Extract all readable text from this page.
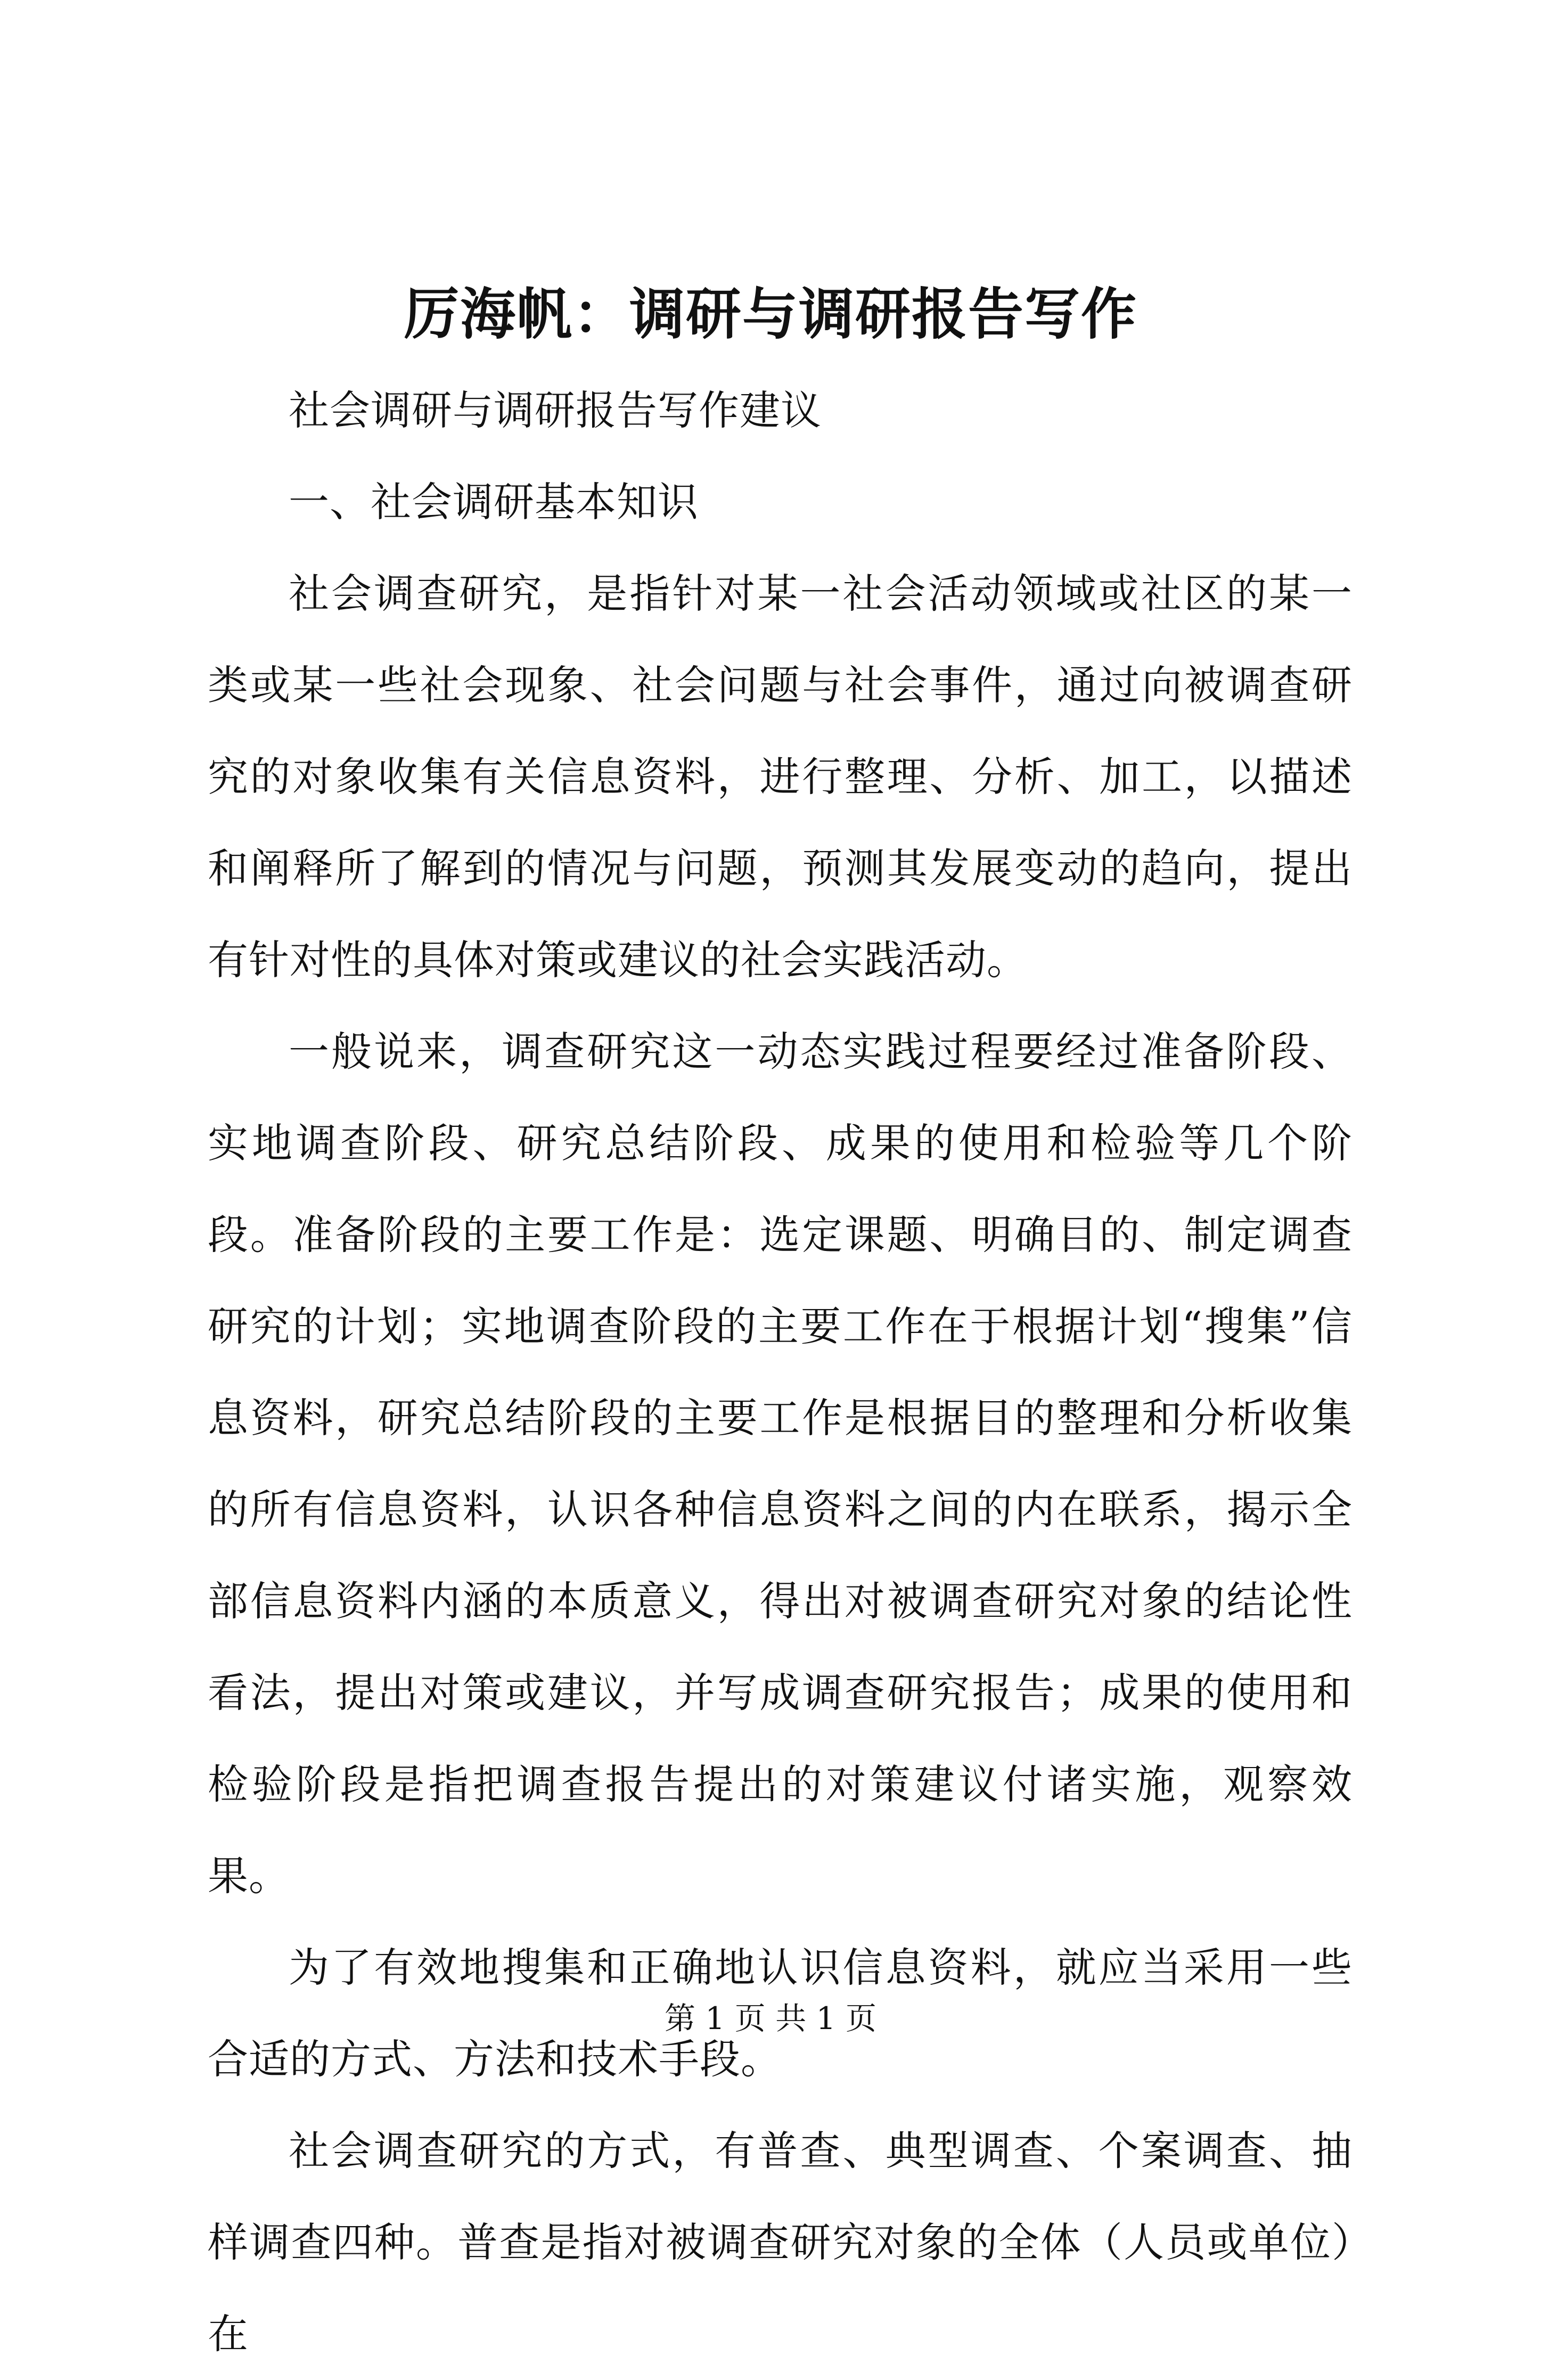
厉海帆：调研与调研报告写作

社会调研与调研报告写作建议

一、社会调研基本知识

社会调查研究，是指针对某一社会活动领域或社区的某一类或某一些社会现象、社会问题与社会事件，通过向被调查研究的对象收集有关信息资料，进行整理、分析、加工，以描述和阐释所了解到的情况与问题，预测其发展变动的趋向，提出有针对性的具体对策或建议的社会实践活动。

一般说来，调查研究这一动态实践过程要经过准备阶段、实地调查阶段、研究总结阶段、成果的使用和检验等几个阶段。准备阶段的主要工作是：选定课题、明确目的、制定调查研究的计划；实地调查阶段的主要工作在于根据计划“搜集”信息资料，研究总结阶段的主要工作是根据目的整理和分析收集的所有信息资料，认识各种信息资料之间的内在联系，揭示全部信息资料内涵的本质意义，得出对被调查研究对象的结论性看法，提出对策或建议，并写成调查研究报告；成果的使用和检验阶段是指把调查报告提出的对策建议付诸实施，观察效果。

为了有效地搜集和正确地认识信息资料，就应当采用一些合适的方式、方法和技术手段。

社会调查研究的方式，有普查、典型调查、个案调查、抽样调查四种。普查是指对被调查研究对象的全体（人员或单位）在

第 1 页 共 1 页
